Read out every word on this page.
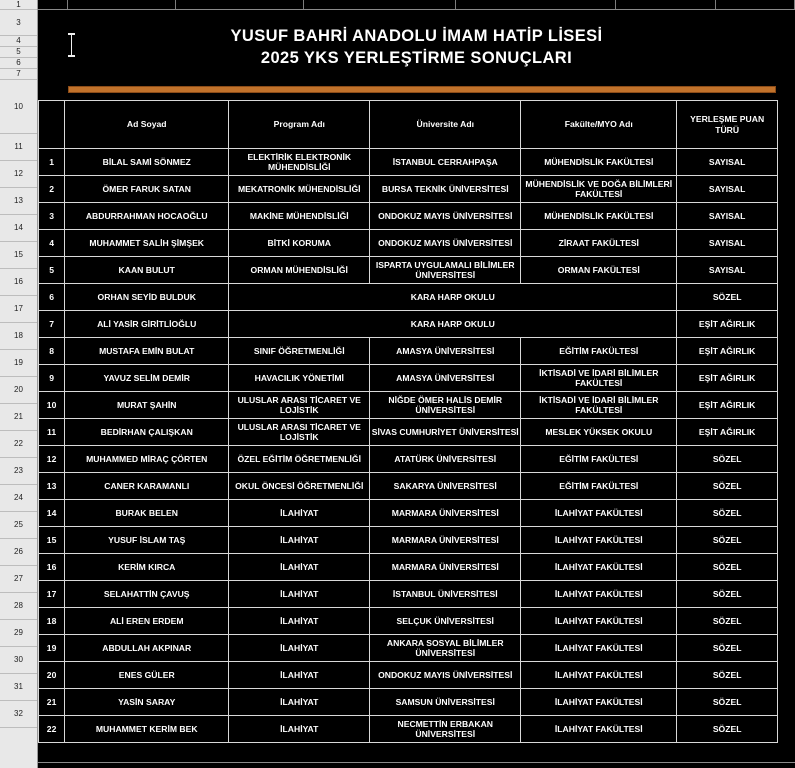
1
3
4
5
6
7
10
11
12
13
14
15
16
17
18
19
20
21
22
23
24
25
26
27
28
29
30
31
32
YUSUF BAHRİ ANADOLU İMAM HATİP LİSESİ
2025 YKS YERLEŞTİRME SONUÇLARI
	Ad Soyad	Program Adı	Üniversite Adı	Fakülte/MYO Adı	YERLEŞME PUAN TÜRÜ
1	BİLAL SAMİ SÖNMEZ	ELEKTİRİK ELEKTRONİK MÜHENDİSLİĞİ	İSTANBUL CERRAHPAŞA	MÜHENDİSLİK FAKÜLTESİ	SAYISAL
2	ÖMER FARUK SATAN	MEKATRONİK MÜHENDİSLİĞİ	BURSA TEKNİK ÜNİVERSİTESİ	MÜHENDİSLİK VE DOĞA BİLİMLERİ FAKÜLTESİ	SAYISAL
3	ABDURRAHMAN HOCAOĞLU	MAKİNE MÜHENDİSLİĞİ	ONDOKUZ MAYIS ÜNİVERSİTESİ	MÜHENDİSLİK FAKÜLTESİ	SAYISAL
4	MUHAMMET SALİH ŞİMŞEK	BİTKİ KORUMA	ONDOKUZ MAYIS ÜNİVERSİTESİ	ZİRAAT FAKÜLTESİ	SAYISAL
5	KAAN BULUT	ORMAN MÜHENDİSLİĞİ	ISPARTA UYGULAMALI BİLİMLER ÜNİVERSİTESİ	ORMAN FAKÜLTESİ	SAYISAL
6	ORHAN SEYİD BULDUK	KARA HARP OKULU			SÖZEL
7	ALİ YASİR GİRİTLİOĞLU	KARA HARP OKULU			EŞİT AĞIRLIK
8	MUSTAFA EMİN BULAT	SINIF ÖĞRETMENLİĞİ	AMASYA ÜNİVERSİTESİ	EĞİTİM FAKÜLTESİ	EŞİT AĞIRLIK
9	YAVUZ SELİM DEMİR	HAVACILIK YÖNETİMİ	AMASYA ÜNİVERSİTESİ	İKTİSADİ VE İDARİ BİLİMLER FAKÜLTESİ	EŞİT AĞIRLIK
10	MURAT ŞAHİN	ULUSLAR ARASI TİCARET VE LOJİSTİK	NİĞDE ÖMER HALİS DEMİR ÜNİVERSİTESİ	İKTİSADİ VE İDARİ BİLİMLER FAKÜLTESİ	EŞİT AĞIRLIK
11	BEDİRHAN ÇALIŞKAN	ULUSLAR ARASI TİCARET VE LOJİSTİK	SİVAS CUMHURİYET ÜNİVERSİTESİ	MESLEK YÜKSEK OKULU	EŞİT AĞIRLIK
12	MUHAMMED MİRAÇ ÇÖRTEN	ÖZEL EĞİTİM ÖĞRETMENLİĞİ	ATATÜRK ÜNİVERSİTESİ	EĞİTİM FAKÜLTESİ	SÖZEL
13	CANER KARAMANLI	OKUL ÖNCESİ ÖĞRETMENLİĞİ	SAKARYA ÜNİVERSİTESİ	EĞİTİM FAKÜLTESİ	SÖZEL
14	BURAK BELEN	İLAHİYAT	MARMARA ÜNİVERSİTESİ	İLAHİYAT FAKÜLTESİ	SÖZEL
15	YUSUF İSLAM TAŞ	İLAHİYAT	MARMARA ÜNİVERSİTESİ	İLAHİYAT FAKÜLTESİ	SÖZEL
16	KERİM KIRCA	İLAHİYAT	MARMARA ÜNİVERSİTESİ	İLAHİYAT FAKÜLTESİ	SÖZEL
17	SELAHATTİN ÇAVUŞ	İLAHİYAT	İSTANBUL ÜNİVERSİTESİ	İLAHİYAT FAKÜLTESİ	SÖZEL
18	ALİ EREN ERDEM	İLAHİYAT	SELÇUK ÜNİVERSİTESİ	İLAHİYAT FAKÜLTESİ	SÖZEL
19	ABDULLAH AKPINAR	İLAHİYAT	ANKARA SOSYAL BİLİMLER ÜNİVERSİTESİ	İLAHİYAT FAKÜLTESİ	SÖZEL
20	ENES GÜLER	İLAHİYAT	ONDOKUZ MAYIS ÜNİVERSİTESİ	İLAHİYAT FAKÜLTESİ	SÖZEL
21	YASİN SARAY	İLAHİYAT	SAMSUN ÜNİVERSİTESİ	İLAHİYAT FAKÜLTESİ	SÖZEL
22	MUHAMMET KERİM BEK	İLAHİYAT	NECMETTİN ERBAKAN ÜNİVERSİTESİ	İLAHİYAT FAKÜLTESİ	SÖZEL
